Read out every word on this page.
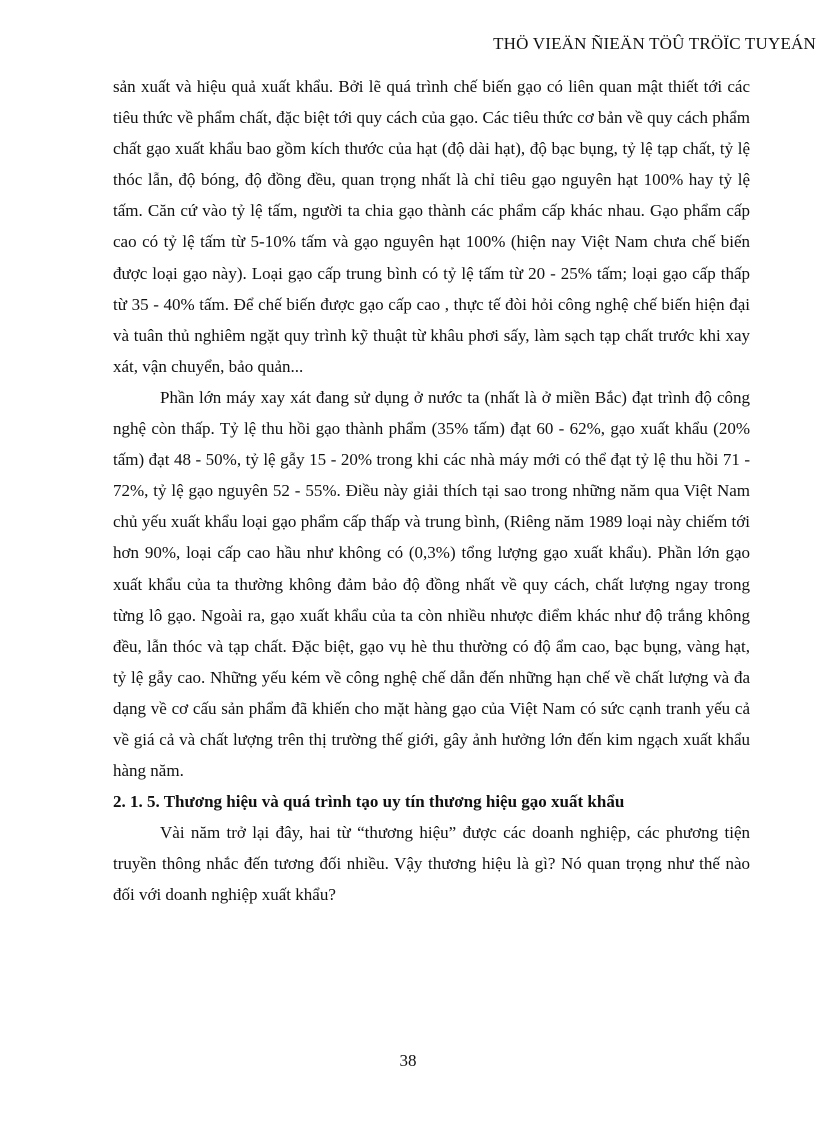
THÖ VIEÄN ÑIEÄN TÖÛ TRÖÏC TUYEÁN

sản xuất và hiệu quả xuất khẩu. Bởi lẽ quá trình chế biến gạo có liên quan mật thiết tới các tiêu thức về phẩm chất, đặc biệt tới quy cách của gạo. Các tiêu thức cơ bản về quy cách phẩm chất gạo xuất khẩu bao gồm kích thước của hạt (độ dài hạt), độ bạc bụng, tỷ lệ tạp chất, tỷ lệ thóc lẫn, độ bóng, độ đồng đều, quan trọng nhất là chỉ tiêu gạo nguyên hạt 100% hay tỷ lệ tấm. Căn cứ vào tỷ lệ tấm, người ta chia gạo thành các phẩm cấp khác nhau. Gạo phẩm cấp cao có tỷ lệ tấm từ 5-10% tấm và gạo nguyên hạt 100% (hiện nay Việt Nam chưa chế biến được loại gạo này). Loại gạo cấp trung bình có tỷ lệ tấm từ 20 - 25% tấm; loại gạo cấp thấp từ 35 - 40% tấm. Để chế biến được gạo cấp cao , thực tế đòi hỏi công nghệ chế biến hiện đại và tuân thủ nghiêm ngặt quy trình kỹ thuật từ khâu phơi sấy, làm sạch tạp chất trước khi xay xát, vận chuyển, bảo quản...

Phần lớn máy xay xát đang sử dụng ở nước ta (nhất là ở miền Bắc) đạt trình độ công nghệ còn thấp. Tỷ lệ thu hồi gạo thành phẩm (35% tấm) đạt 60 - 62%, gạo xuất khẩu (20% tấm) đạt 48 - 50%, tỷ lệ gẫy 15 - 20% trong khi các nhà máy mới có thể đạt tỷ lệ thu hồi 71 - 72%, tỷ lệ gạo nguyên 52 - 55%. Điều này giải thích tại sao trong những năm qua Việt Nam chủ yếu xuất khẩu loại gạo phẩm cấp thấp và trung bình, (Riêng năm 1989 loại này chiếm tới hơn 90%, loại cấp cao hầu như không có (0,3%) tổng lượng gạo xuất khẩu). Phần lớn gạo xuất khẩu của ta thường không đảm bảo độ đồng nhất về quy cách, chất lượng ngay trong từng lô gạo. Ngoài ra, gạo xuất khẩu của ta còn nhiều nhược điểm khác như độ trắng không đều, lẫn thóc và tạp chất. Đặc biệt, gạo vụ hè thu thường có độ ẩm cao, bạc bụng, vàng hạt, tỷ lệ gẫy cao. Những yếu kém về công nghệ chế dẫn đến những hạn chế về chất lượng và đa dạng về cơ cấu sản phẩm đã khiến cho mặt hàng gạo của Việt Nam có sức cạnh tranh yếu cả về giá cả và chất lượng trên thị trường thế giới, gây ảnh hưởng lớn đến kim ngạch xuất khẩu hàng năm.

2. 1. 5. Thương hiệu và quá trình tạo uy tín thương hiệu gạo xuất khẩu

Vài năm trở lại đây, hai từ “thương hiệu” được các doanh nghiệp, các phương tiện truyền thông nhắc đến tương đối nhiều. Vậy thương hiệu là gì? Nó quan trọng như thế nào đối với doanh nghiệp xuất khẩu?

38
